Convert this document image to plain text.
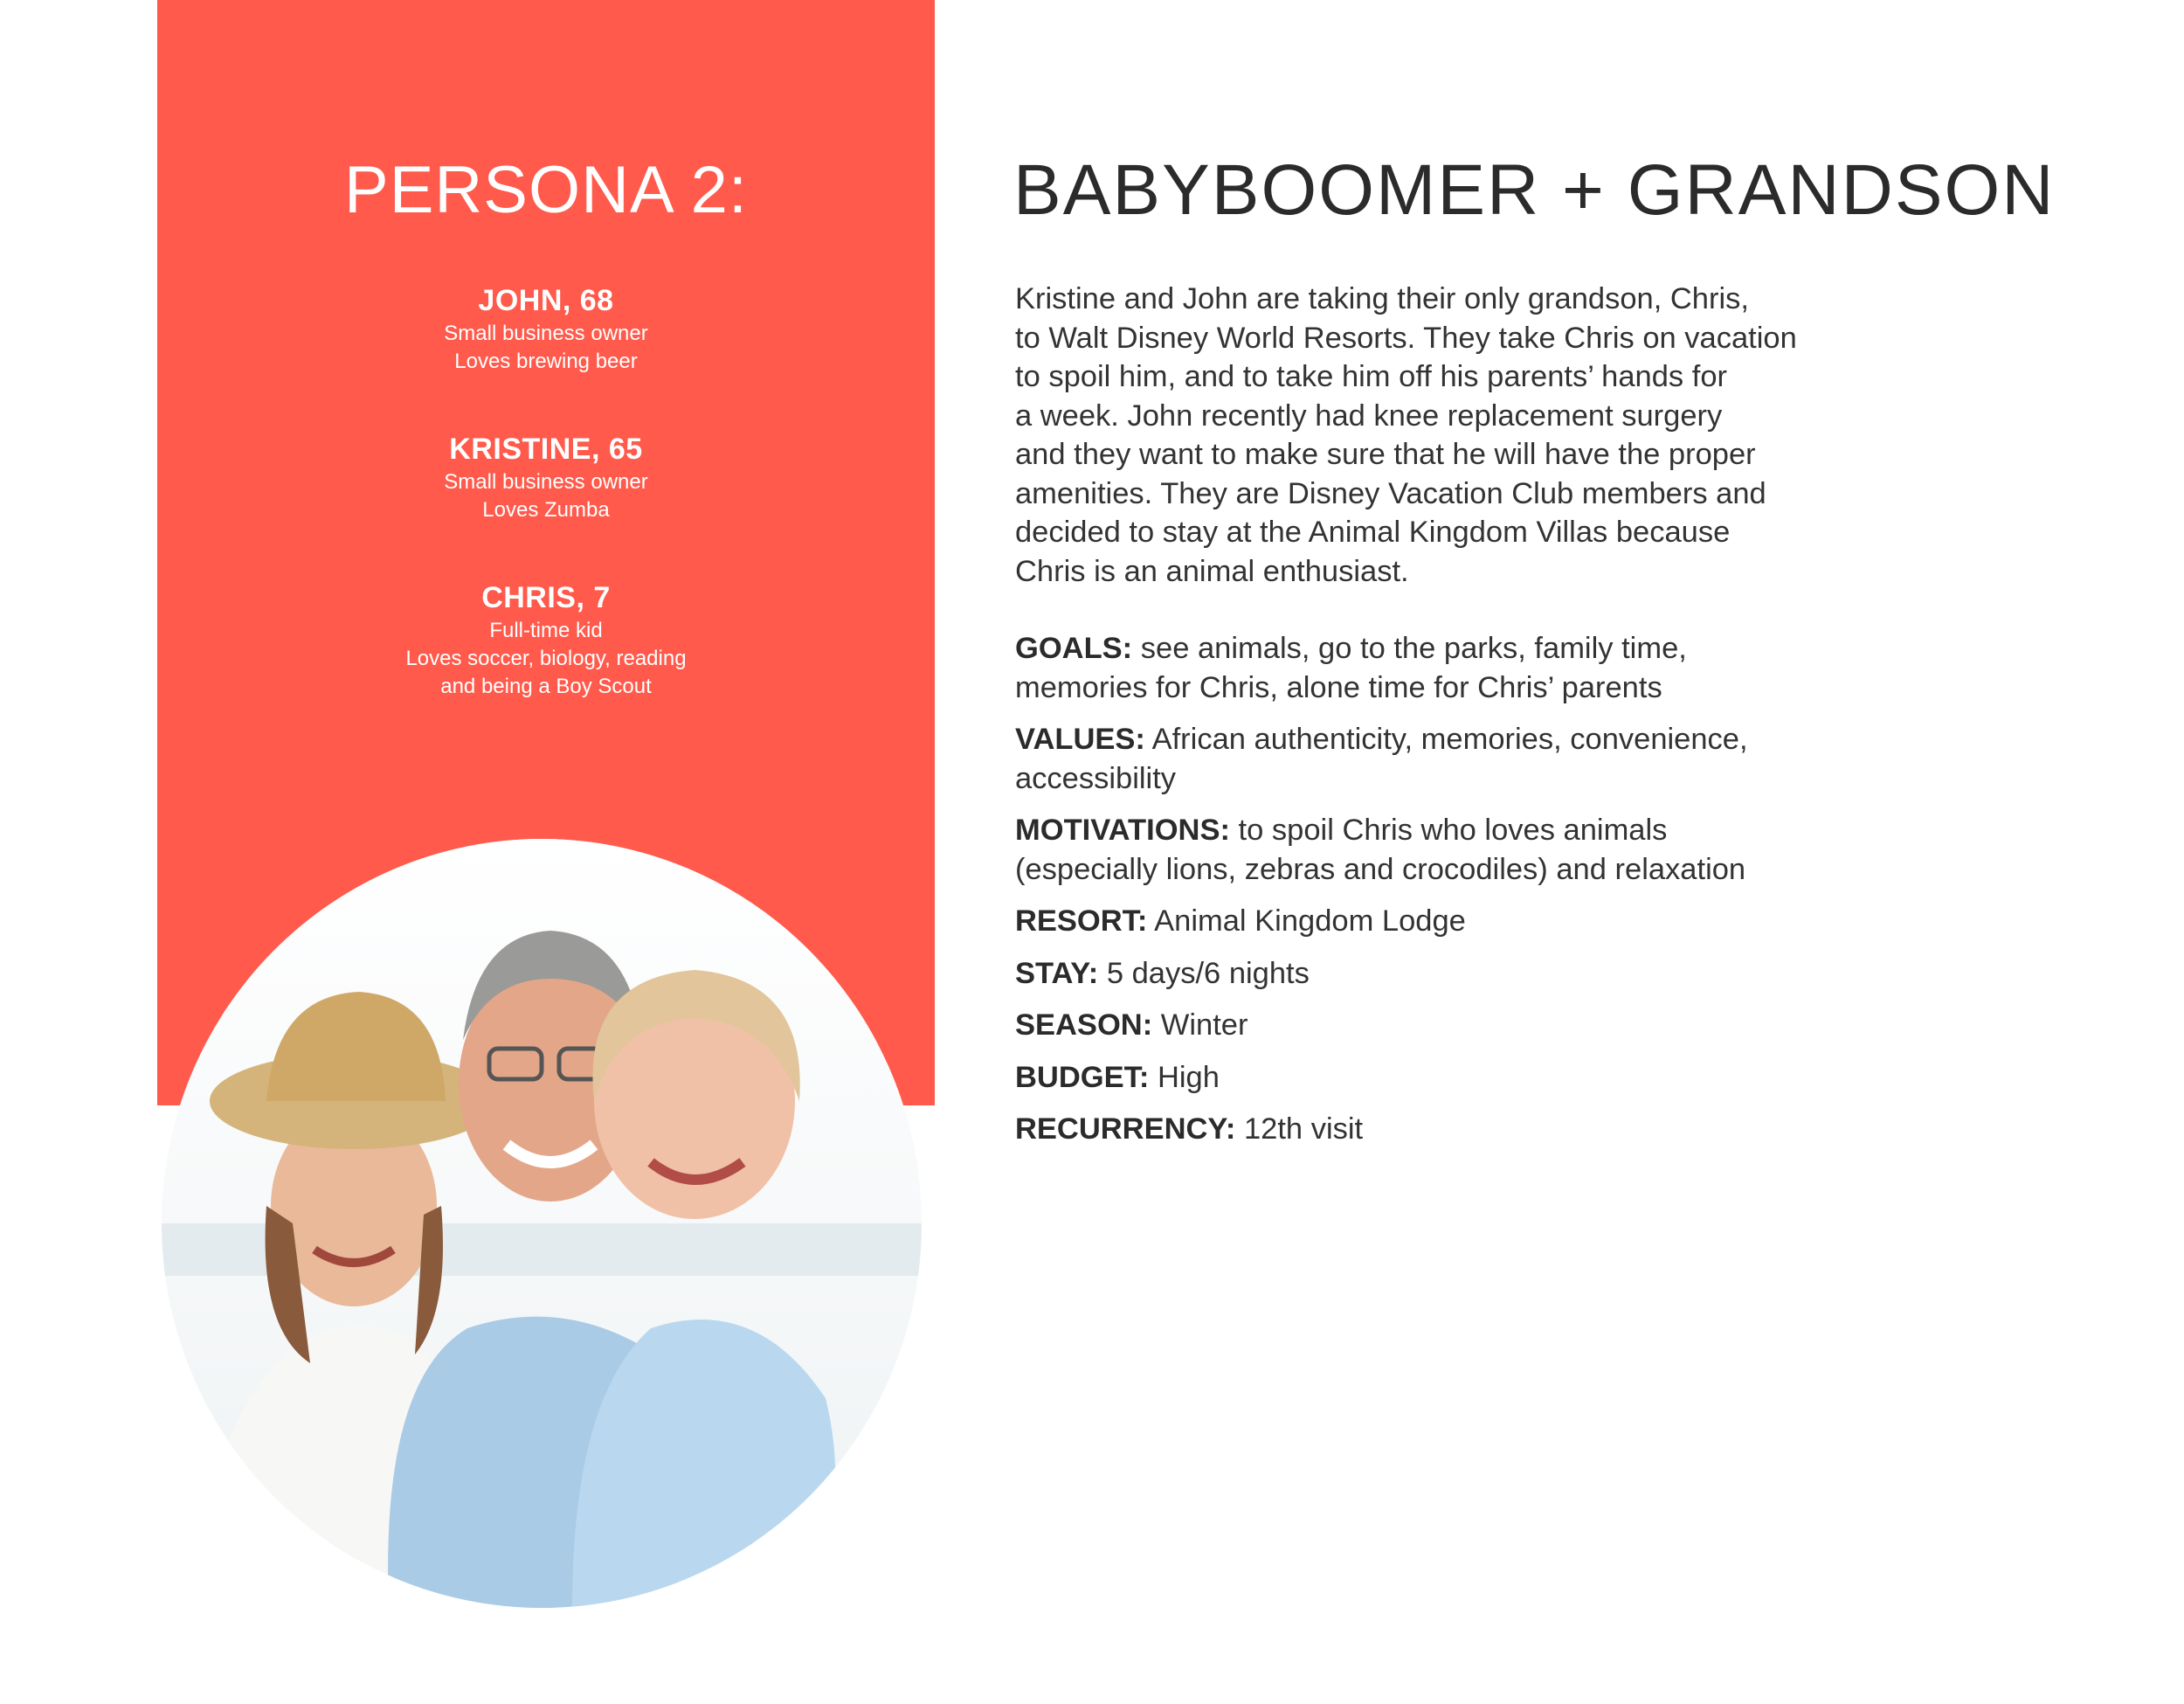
PERSONA 2:
JOHN, 68
Small business owner
Loves brewing beer
KRISTINE, 65
Small business owner
Loves Zumba
CHRIS, 7
Full-time kid
Loves soccer, biology, reading
and being a Boy Scout
BABYBOOMER + GRANDSON
Kristine and John are taking their only grandson, Chris,
to Walt Disney World Resorts. They take Chris on vacation
to spoil him, and to take him off his parents’ hands for
a week. John recently had knee replacement surgery
and they want to make sure that he will have the proper
amenities. They are Disney Vacation Club members and
decided to stay at the Animal Kingdom Villas because
Chris is an animal enthusiast.
GOALS: see animals, go to the parks, family time,
memories for Chris, alone time for Chris’ parents
VALUES: African authenticity, memories, convenience,
accessibility
MOTIVATIONS: to spoil Chris who loves animals
(especially lions, zebras and crocodiles) and relaxation
RESORT: Animal Kingdom Lodge
STAY: 5 days/6 nights
SEASON: Winter
BUDGET: High
RECURRENCY: 12th visit
